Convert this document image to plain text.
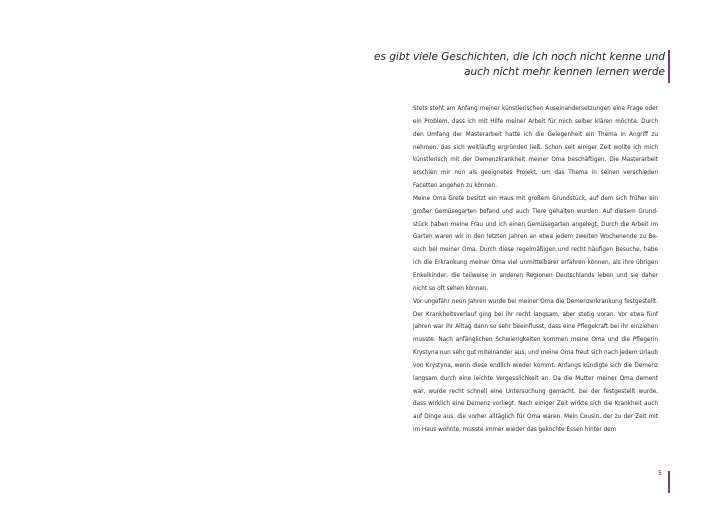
es gibt viele Geschichten, die ich noch nicht kenne und
auch nicht mehr kennen lernen werde

Stets steht am Anfang meiner künstlerischen Auseinandersetzungen eine Frage oder ein Problem, dass ich mit Hilfe meiner Arbeit für mich selber klären möchte. Durch den Umfang der Masterarbeit hatte ich die Gelegenheit ein Thema in Angriff zu nehmen, das sich weitläufig ergründen ließ. Schon seit einiger Zeit wollte ich mich künstlerisch mit der Demenzkrankheit meiner Oma beschäftigen. Die Masterarbeit erschien mir nun als geeignetes Projekt, um das Thema in seinen verschieden Facetten angehen zu können.

Meine Oma Grete besitzt ein Haus mit großem Grundstück, auf dem sich früher ein großer Gemüsegarten befand und auch Tiere gehalten wurden. Auf diesem Grundstück haben meine Frau und ich einen Gemüsegarten angelegt. Durch die Arbeit im Garten waren wir in den letzten Jahren an etwa jedem zweiten Wochenende zu Besuch bei meiner Oma. Durch diese regelmäßigen und recht häufigen Besuche, habe ich die Erkrankung meiner Oma viel unmittelbarer erfahren können, als ihre übrigen Enkelkinder, die teilweise in anderen Regionen Deutschlands leben und sie daher nicht so oft sehen können.

Vor ungefähr neun Jahren wurde bei meiner Oma die Demenzerkrankung festgestellt. Der Krankheitsverlauf ging bei ihr recht langsam, aber stetig voran. Vor etwa fünf Jahren war ihr Alltag dann so sehr beeinflusst, dass eine Pflegekraft bei ihr einziehen musste. Nach anfänglichen Schwierigkeiten kommen meine Oma und die Pflegerin Krystyna nun sehr gut miteinander aus, und meine Oma freut sich nach jedem Urlaub von Krystyna, wenn diese endlich wieder kommt. Anfangs kündigte sich die Demenz langsam durch eine leichte Vergesslichkeit an. Da die Mutter meiner Oma dement war, wurde recht schnell eine Untersuchung gemacht, bei der festgestellt wurde, dass wirklich eine Demenz vorliegt. Nach einiger Zeit wirkte sich die Krankheit auch auf Dinge aus, die vorher alltäglich für Oma waren. Mein Cousin, der zu der Zeit mit im Haus wohnte, musste immer wieder das gekochte Essen hinter dem

5
